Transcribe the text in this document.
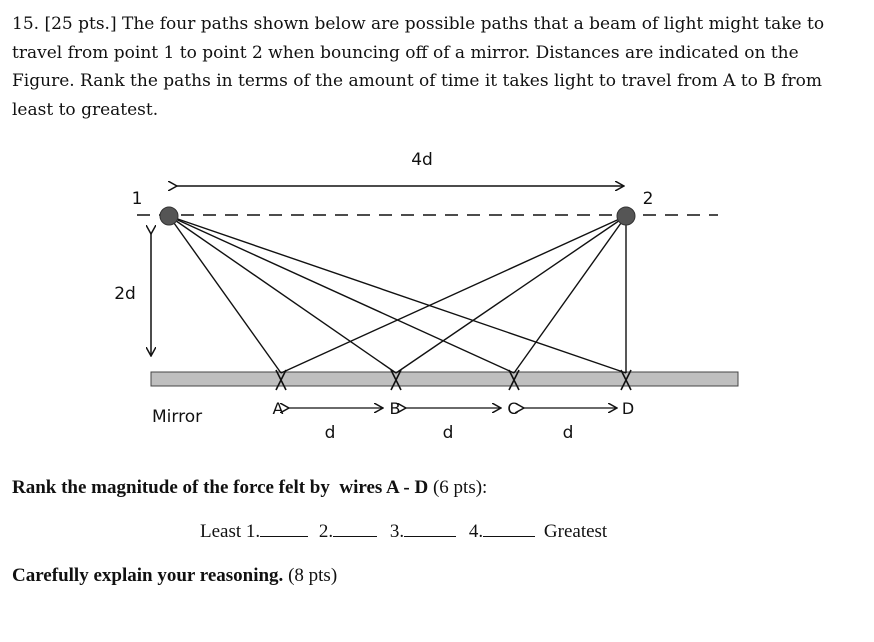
15. [25 pts.] The four paths shown below are possible paths that a beam of light might take to travel from point 1 to point 2 when bouncing off of a mirror. Distances are indicated on the Figure. Rank the paths in terms of the amount of time it takes light to travel from A to B from least to greatest.
4d
2d
1	2
Mirror	A	B	C	D
d	d	d
Rank the magnitude of the force felt by  wires A - D (6 pts):
Least 1.	2.	3.	4.	Greatest
Carefully explain your reasoning. (8 pts)
